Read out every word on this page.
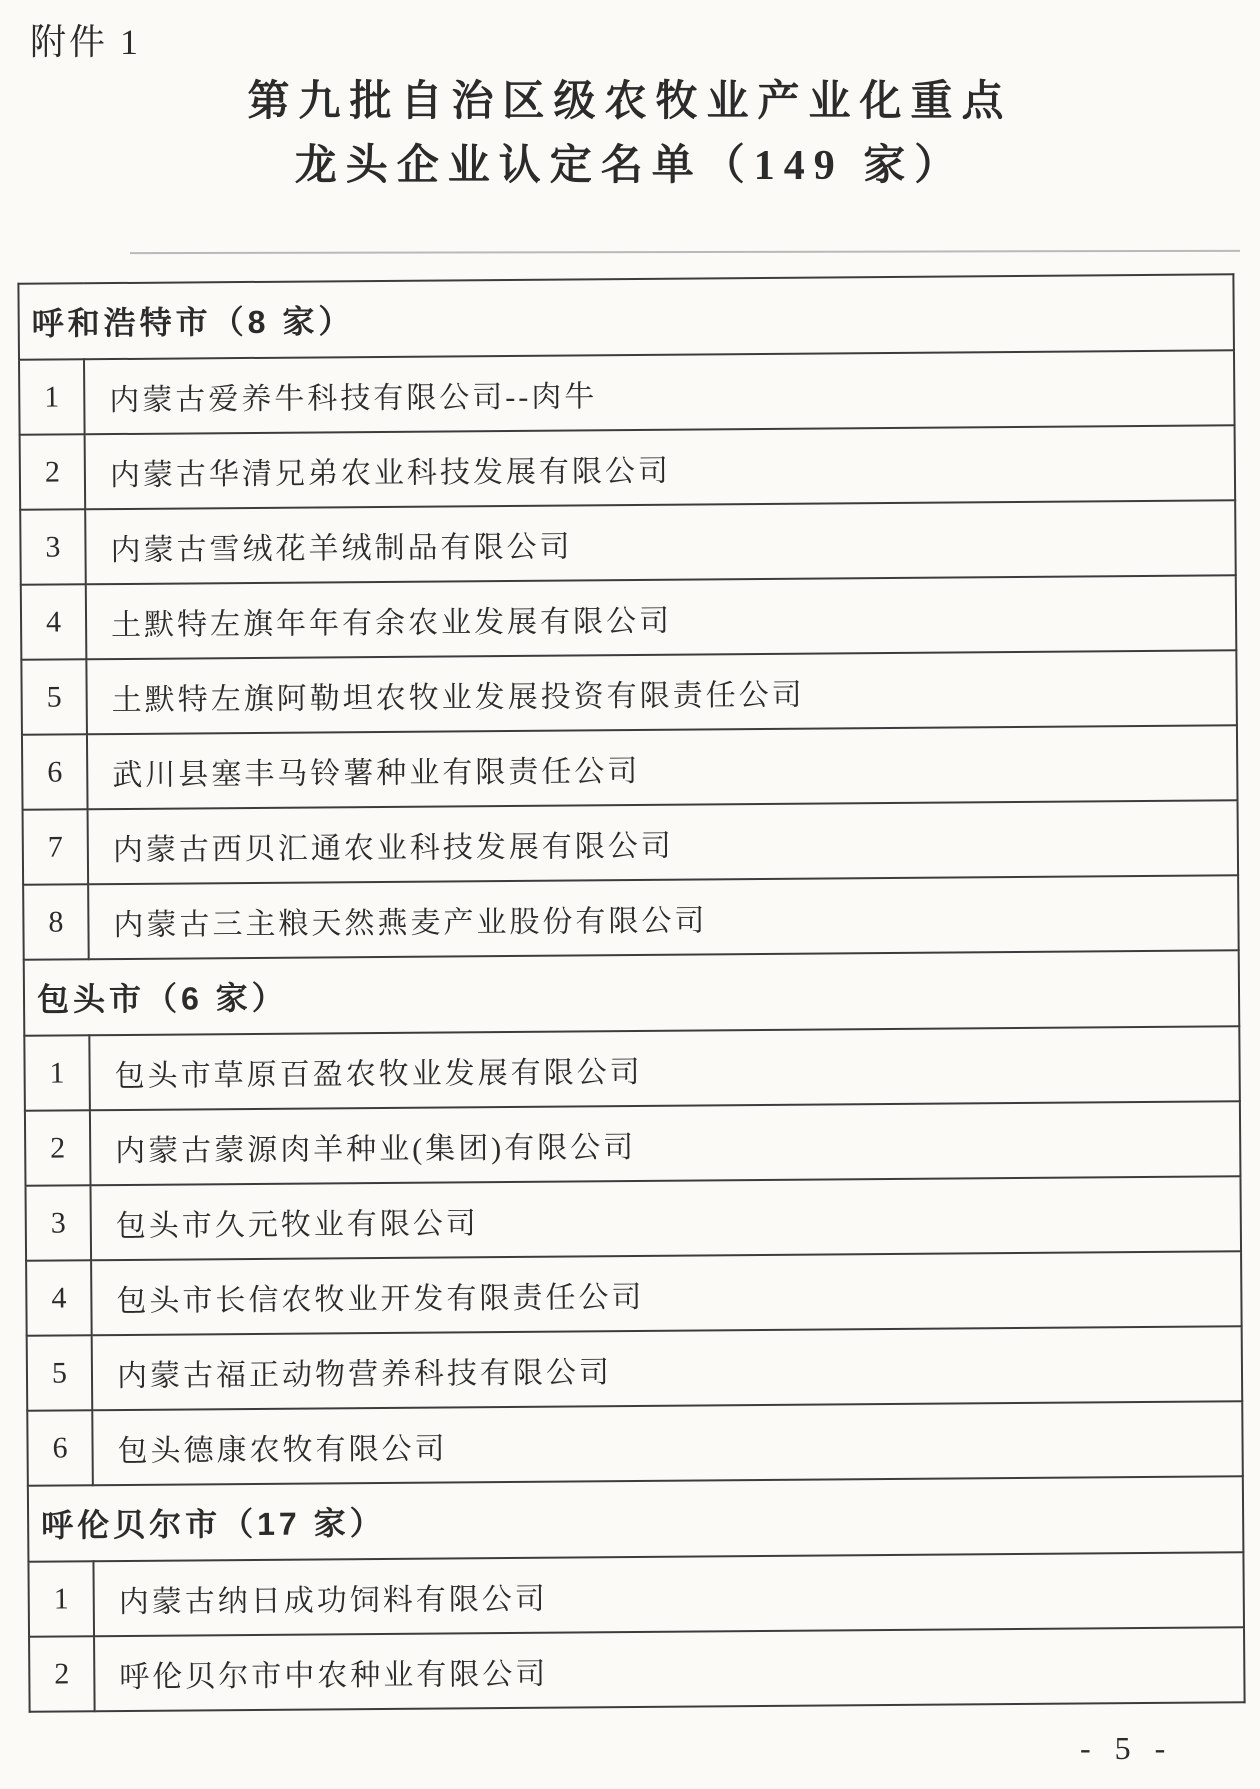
附件 1
第九批自治区级农牧业产业化重点
龙头企业认定名单（149 家）
呼和浩特市（8 家）	
1	内蒙古爱养牛科技有限公司--肉牛
2	内蒙古华清兄弟农业科技发展有限公司
3	内蒙古雪绒花羊绒制品有限公司
4	土默特左旗年年有余农业发展有限公司
5	土默特左旗阿勒坦农牧业发展投资有限责任公司
6	武川县塞丰马铃薯种业有限责任公司
7	内蒙古西贝汇通农业科技发展有限公司
8	内蒙古三主粮天然燕麦产业股份有限公司
包头市（6 家）	
1	包头市草原百盈农牧业发展有限公司
2	内蒙古蒙源肉羊种业(集团)有限公司
3	包头市久元牧业有限公司
4	包头市长信农牧业开发有限责任公司
5	内蒙古福正动物营养科技有限公司
6	包头德康农牧有限公司
呼伦贝尔市（17 家）	
1	内蒙古纳日成功饲料有限公司
2	呼伦贝尔市中农种业有限公司
- 5 -
